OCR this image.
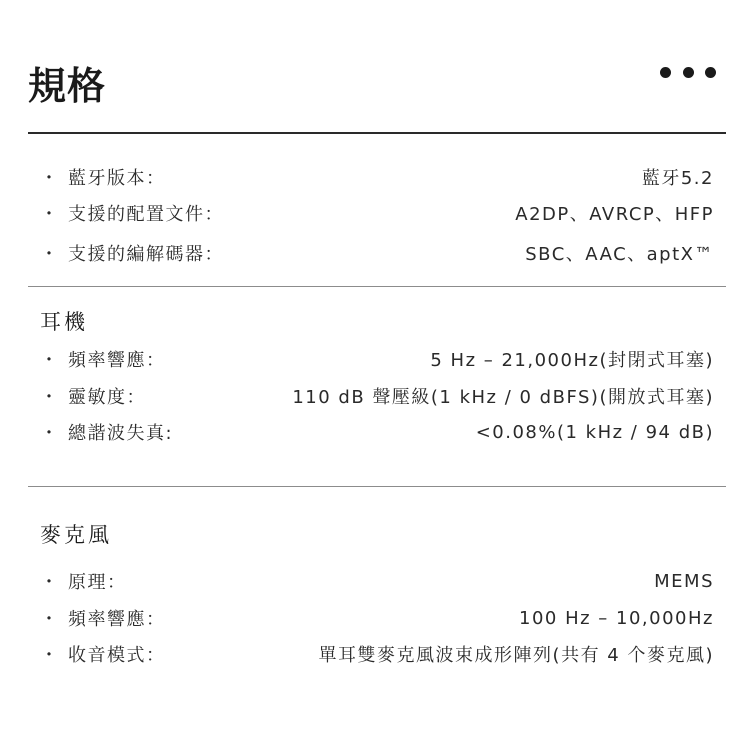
規格
・ 藍牙版本：	藍牙5.2
・ 支援的配置文件：	A2DP、AVRCP、HFP
・ 支援的編解碼器：	SBC、AAC、aptX™
耳機
・ 頻率響應：	5 Hz – 21,000Hz(封閉式耳塞)
・ 靈敏度：	110 dB 聲壓級(1 kHz / 0 dBFS)(開放式耳塞)
・ 總諧波失真:	<0.08%(1 kHz / 94 dB)
麥克風
・ 原理：	MEMS
・ 頻率響應：	100 Hz – 10,000Hz
・ 收音模式：	單耳雙麥克風波束成形陣列(共有 4 个麥克風)
